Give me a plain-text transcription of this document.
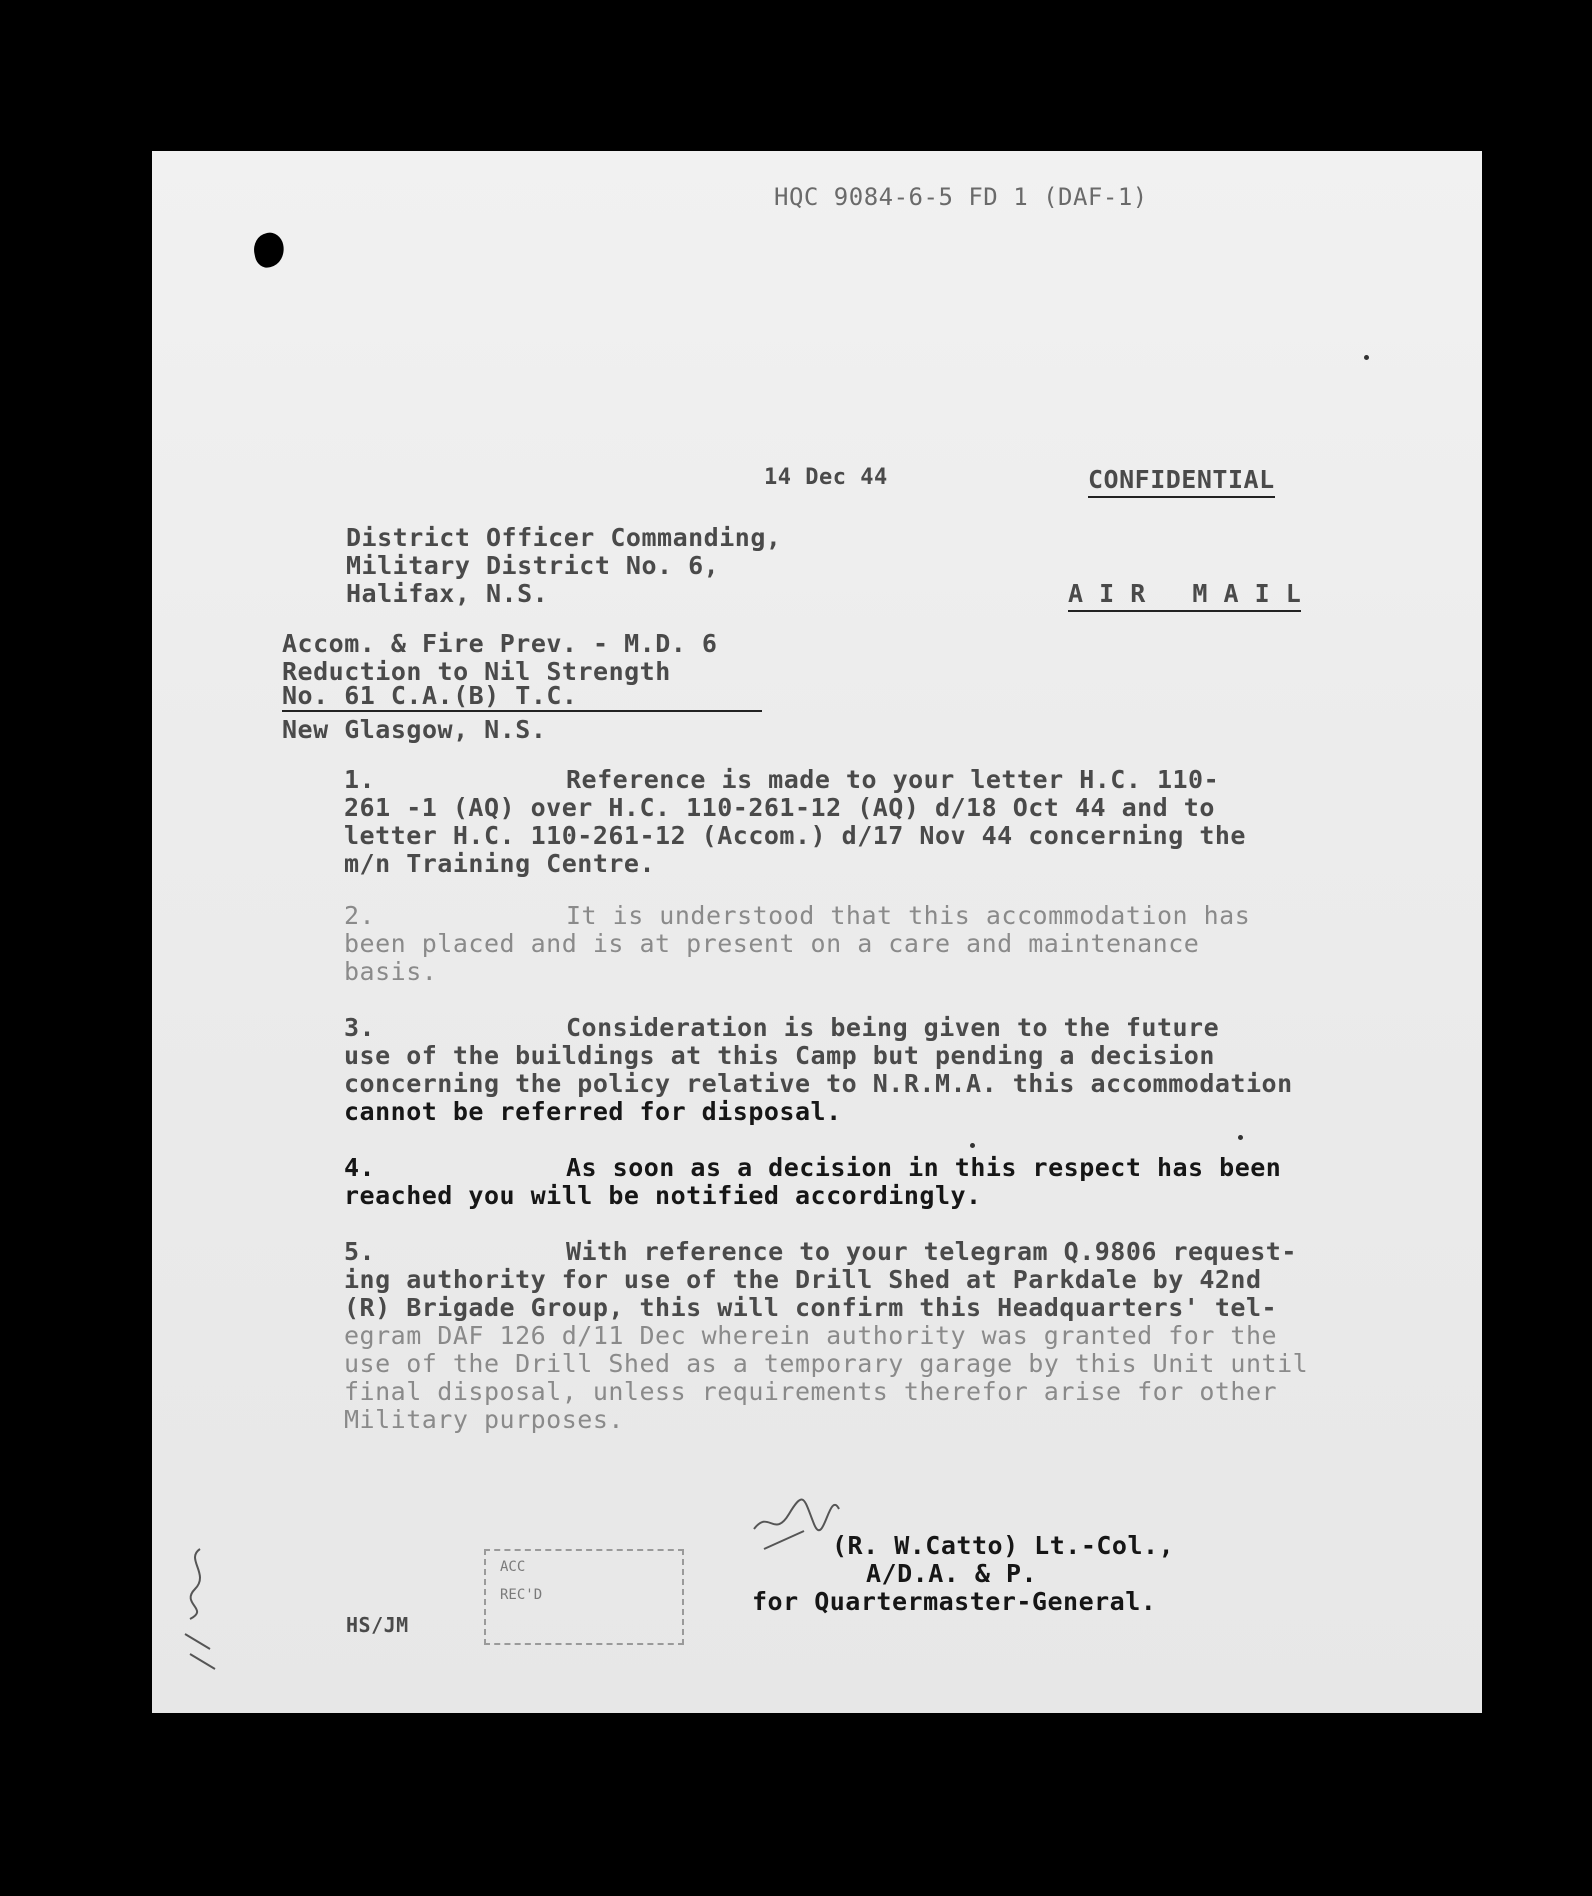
HQC 9084-6-5 FD 1 (DAF-1)
14 Dec 44	CONFIDENTIAL
District Officer Commanding,
Military District No. 6,
Halifax, N.S.	A I R   M A I L
Accom. & Fire Prev. - M.D. 6
Reduction to Nil Strength
No. 61 C.A.(B) T.C.
New Glasgow, N.S.
1.	Reference is made to your letter H.C. 110-
261 -1 (AQ) over H.C. 110-261-12 (AQ) d/18 Oct 44 and to
letter H.C. 110-261-12 (Accom.) d/17 Nov 44 concerning the
m/n Training Centre.
2.	It is understood that this accommodation has
been placed and is at present on a care and maintenance
basis.
3.	Consideration is being given to the future
use of the buildings at this Camp but pending a decision
concerning the policy relative to N.R.M.A. this accommodation
cannot be referred for disposal.
4.	As soon as a decision in this respect has been
reached you will be notified accordingly.
5.	With reference to your telegram Q.9806 request-
ing authority for use of the Drill Shed at Parkdale by 42nd
(R) Brigade Group, this will confirm this Headquarters' tel-
egram DAF 126 d/11 Dec wherein authority was granted for the
use of the Drill Shed as a temporary garage by this Unit until
final disposal, unless requirements therefor arise for other
Military purposes.
(R. W.Catto) Lt.-Col.,
A/D.A. & P.
for Quartermaster-General.
ACC
REC'D
HS/JM
